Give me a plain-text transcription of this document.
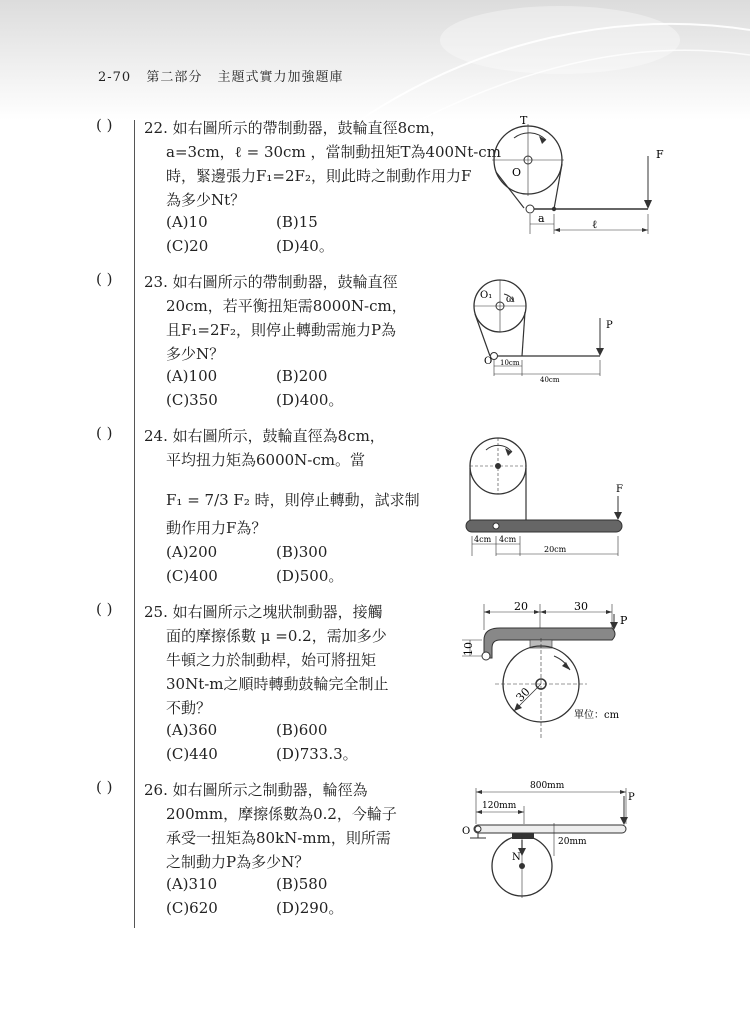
2-70 第二部分 主題式實力加強題庫
( ) 22. 如右圖所示的帶制動器，鼓輪直徑8cm，
a=3cm，ℓ = 30cm ，當制動扭矩T為400Nt-cm
時，緊邊張力F₁=2F₂，則此時之制動作用力F
為多少Nt？
(A)10	(B)15
(C)20	(D)40。
T
O
F
a	ℓ
( ) 23. 如右圖所示的帶制動器，鼓輪直徑
20cm，若平衡扭矩需8000N-cm，
且F₁=2F₂，則停止轉動需施力P為
多少N？
(A)100	(B)200
(C)350	(D)400。
O₁ ω
O
P
10cm
40cm
( ) 24. 如右圖所示，鼓輪直徑為8cm，
平均扭力矩為6000N-cm。當
F₁ = 7/3 F₂ 時，則停止轉動，試求制
動作用力F為？
(A)200	(B)300
(C)400	(D)500。
F
4cm 4cm
20cm
( ) 25. 如右圖所示之塊狀制動器，接觸
面的摩擦係數 μ =0.2，需加多少
牛頓之力於制動桿，始可將扭矩
30Nt-m之順時轉動鼓輪完全制止
不動？
(A)360	(B)600
(C)440	(D)733.3。
20	30
P
10
30
單位：cm
( ) 26. 如右圖所示之制動器，輪徑為
200mm，摩擦係數為0.2，今輪子
承受一扭矩為80kN-mm，則所需
之制動力P為多少N？
(A)310	(B)580
(C)620	(D)290。
800mm
120mm
P
O
N
20mm
